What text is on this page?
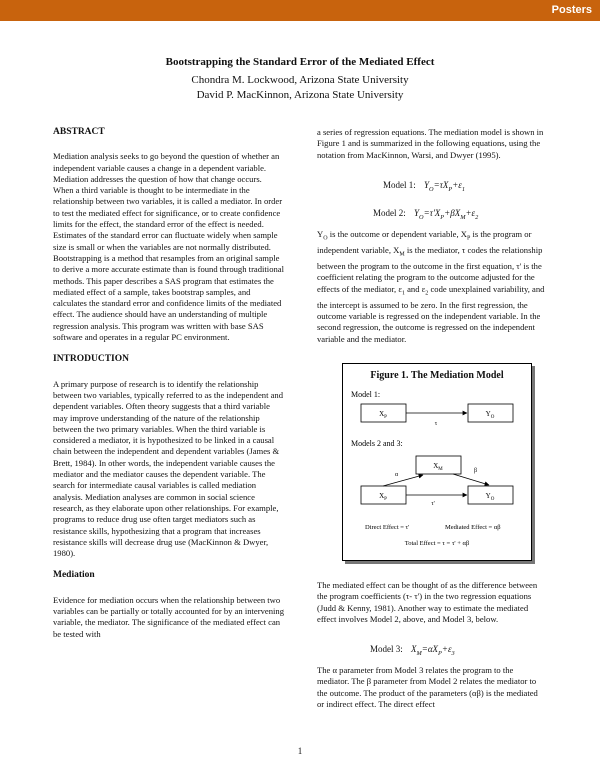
Posters
Bootstrapping the Standard Error of the Mediated Effect
Chondra M. Lockwood, Arizona State University
David P. MacKinnon, Arizona State University
ABSTRACT

Mediation analysis seeks to go beyond the question of whether an independent variable causes a change in a dependent variable. Mediation addresses the question of how that change occurs. When a third variable is thought to be intermediate in the relationship between two variables, it is called a mediator. In order to test the mediated effect for significance, or to create confidence limits for the effect, the standard error of the effect is needed. Estimates of the standard error can fluctuate widely when sample size is small or when the variables are not normally distributed. Bootstrapping is a method that resamples from an original sample to derive a more accurate estimate than is found through traditional methods. This paper describes a SAS program that estimates the mediated effect of a sample, takes bootstrap samples, and calculates the standard error and confidence limits of the mediated effect. The audience should have an understanding of multiple regression analysis. This program was written with base SAS software and operates in a regular PC environment.

INTRODUCTION

A primary purpose of research is to identify the relationship between two variables, typically referred to as the independent and dependent variables. Often theory suggests that a third variable may improve understanding of the nature of the relationship between the two primary variables. When the third variable is considered a mediator, it is hypothesized to be linked in a causal chain between the independent and dependent variables (James & Brett, 1984). In other words, the independent variable causes the mediator and the mediator causes the dependent variable. The search for intermediate causal variables is called mediation analysis. Mediation analyses are common in social science research, as they elaborate upon other relationships. For example, programs to reduce drug use often target mediators such as resistance skills, hypothesizing that a program that increases resistance skills will decrease drug use (MacKinnon & Dwyer, 1980).

Mediation

Evidence for mediation occurs when the relationship between two variables can be partially or totally accounted for by an intervening variable, the mediator. The significance of the mediated effect can be tested with

a series of regression equations. The mediation model is shown in Figure 1 and is summarized in the following equations, using the notation from MacKinnon, Warsi, and Dwyer (1995).

Model 1: $Y_O=\tau X_P+\varepsilon_1$
Model 2: $Y_O=\tau'X_P+\beta X_M+\varepsilon_2$

$Y_O$ is the outcome or dependent variable, $X_P$ is the program or independent variable, $X_M$ is the mediator, τ codes the relationship between the program to the outcome in the first equation, τ' is the coefficient relating the program to the outcome adjusted for the effects of the mediator, $\varepsilon_1$ and $\varepsilon_2$ code unexplained variability, and the intercept is assumed to be zero. In the first regression, the outcome variable is regressed on the independent variable. In the second regression, the outcome is regressed on the independent variable and the mediator.

Figure 1. The Mediation Model
Model 1:
$X_P$	$Y_O$
τ
Models 2 and 3:
$X_M$
$X_P$	$Y_O$
α
β
τ'
Direct Effect = τ'	Mediated Effect = αβ
Total Effect = τ = τ' + αβ

The mediated effect can be thought of as the difference between the program coefficients (τ- τ') in the two regression equations (Judd & Kenny, 1981). Another way to estimate the mediated effect involves Model 2, above, and Model 3, below.

Model 3: $X_M=\alpha X_P+\varepsilon_3$

The α parameter from Model 3 relates the program to the mediator. The β parameter from Model 2 relates the mediator to the outcome. The product of the parameters (αβ) is the mediated or indirect effect. The direct effect

1
